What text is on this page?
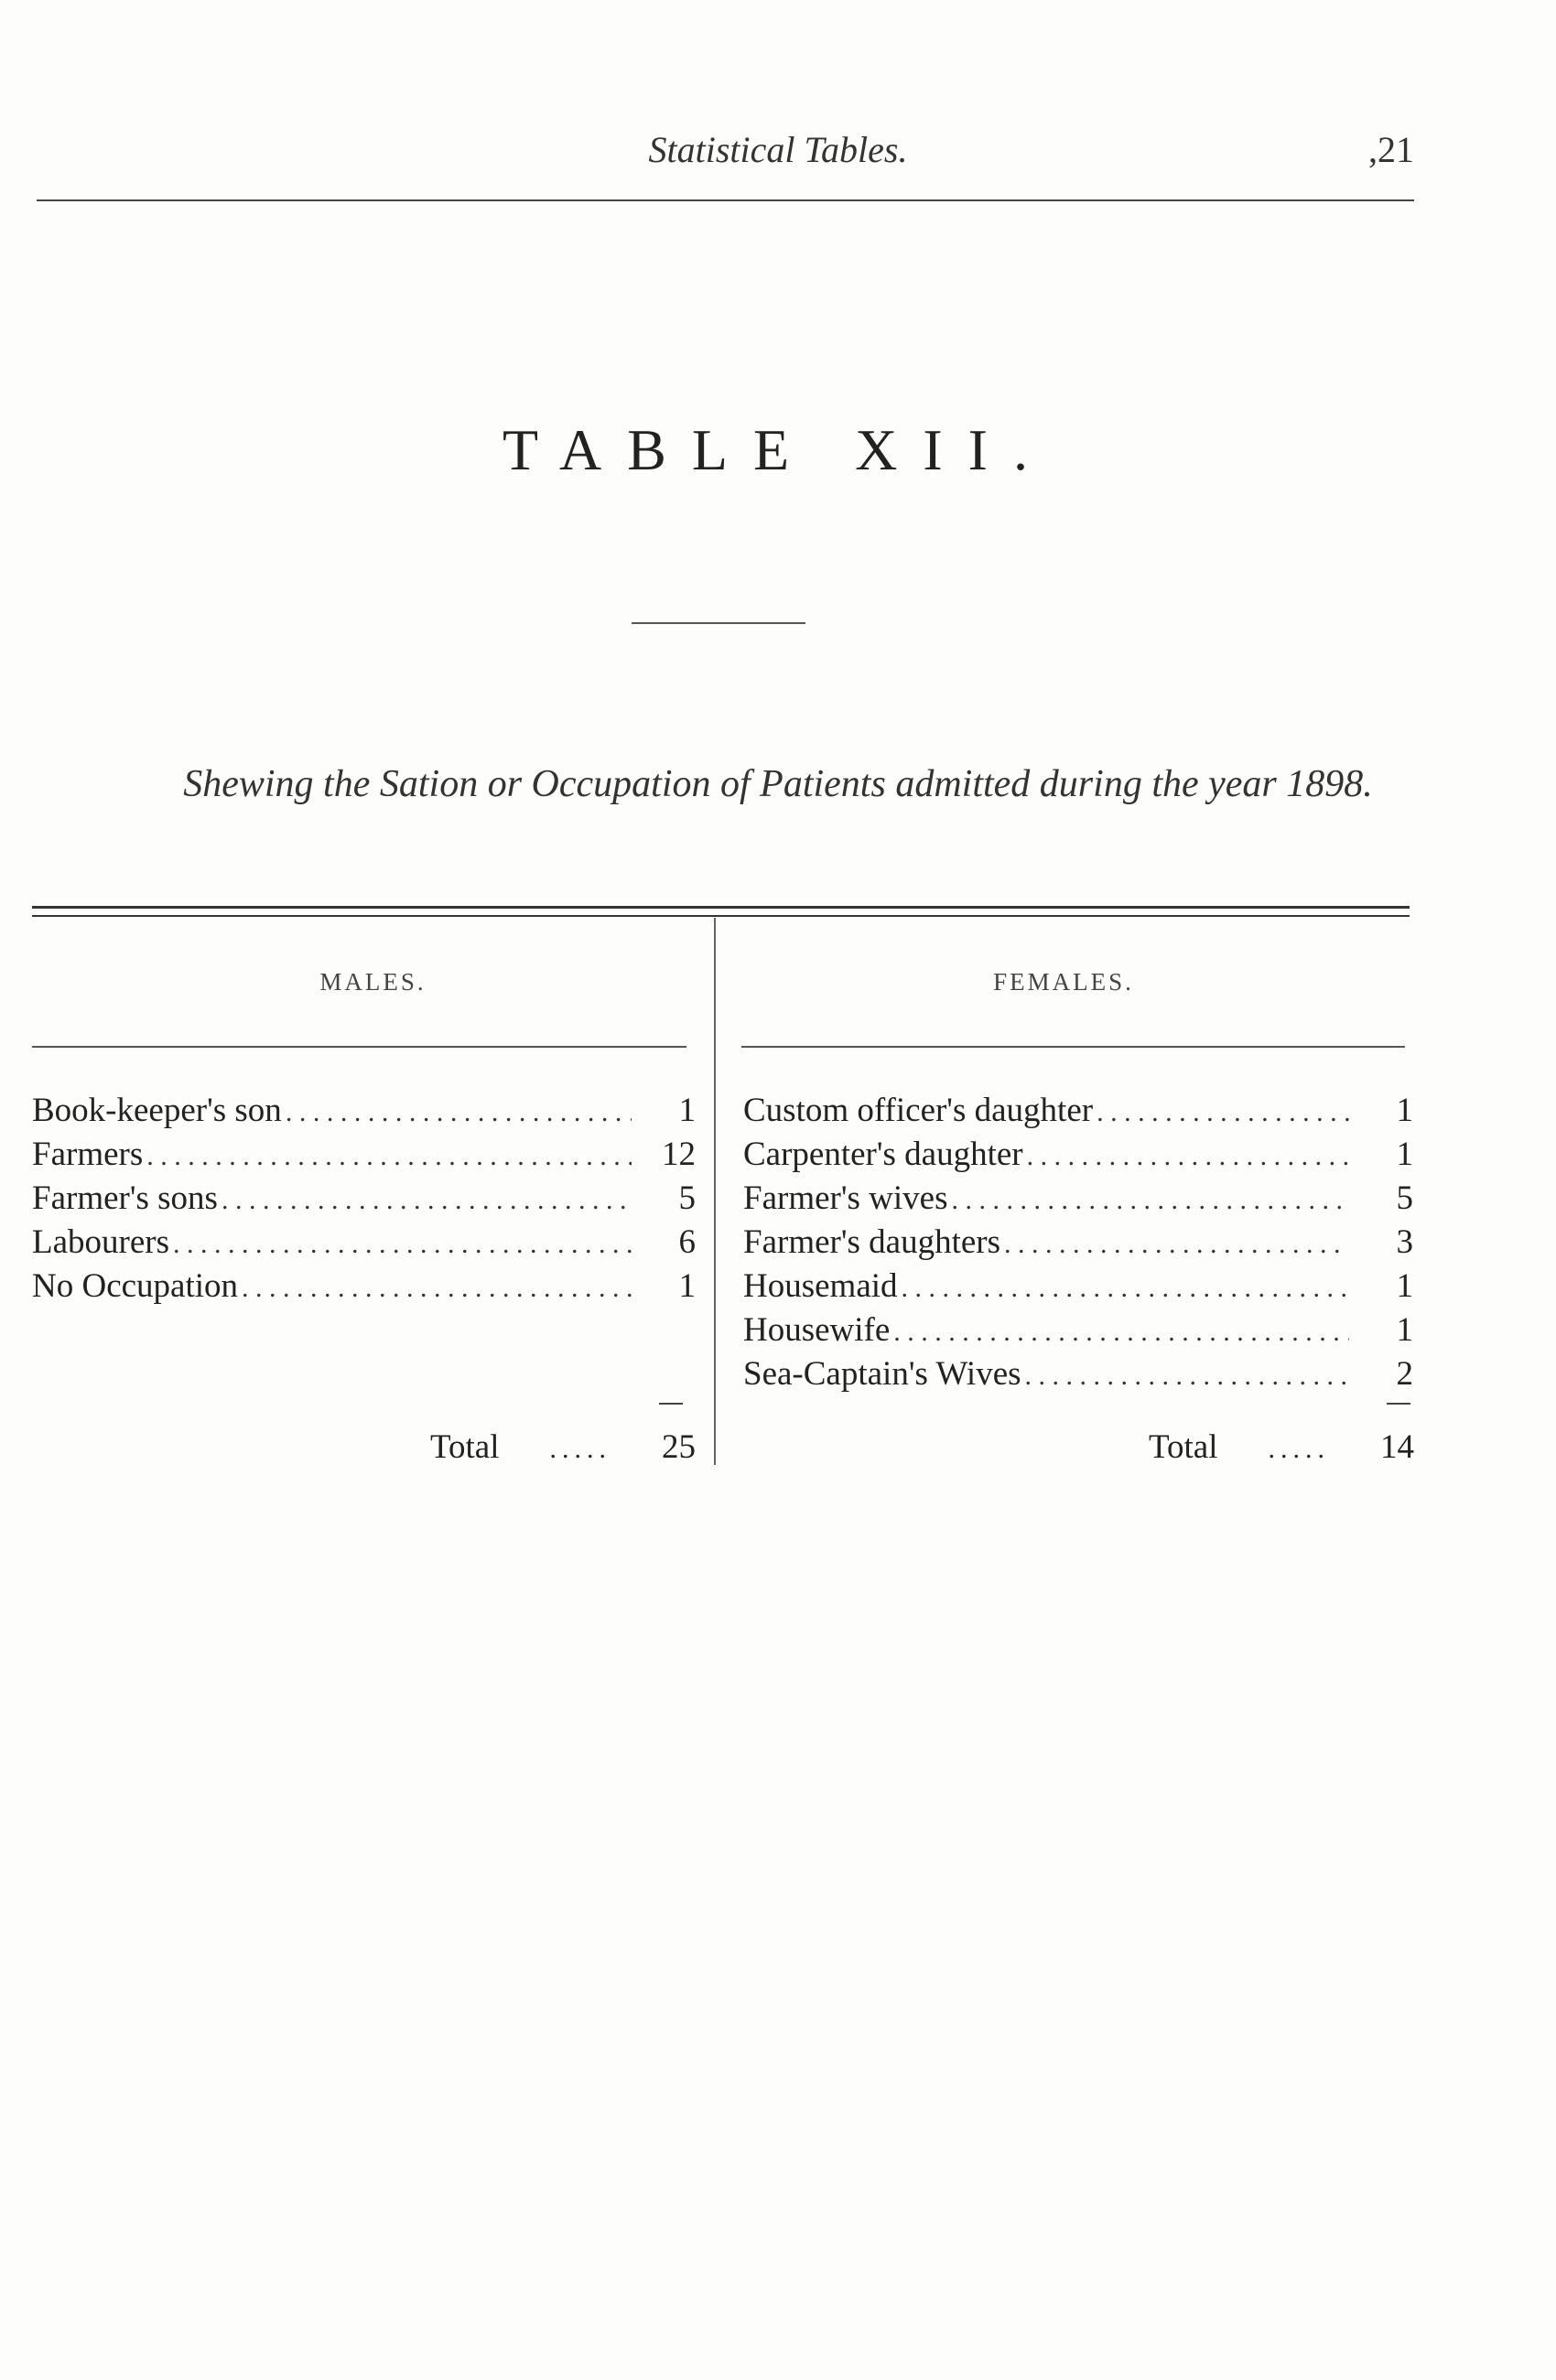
Statistical Tables.	,21
TABLE XII.
Shewing the Sation or Occupation of Patients admitted during the year 1898.
MALES.	FEMALES.
Book-keeper's son . . .	1
Farmers . . .	12
Farmer's sons . . .	5
Labourers . . .	6
No Occupation . . .	1
Custom officer's daughter . . .	1
Carpenter's daughter . . .	1
Farmer's wives . . .	5
Farmer's daughters . . .	3
Housemaid . . .	1
Housewife . . .	1
Sea-Captain's Wives . . .	2
Total	.....	25	Total	.....	14
